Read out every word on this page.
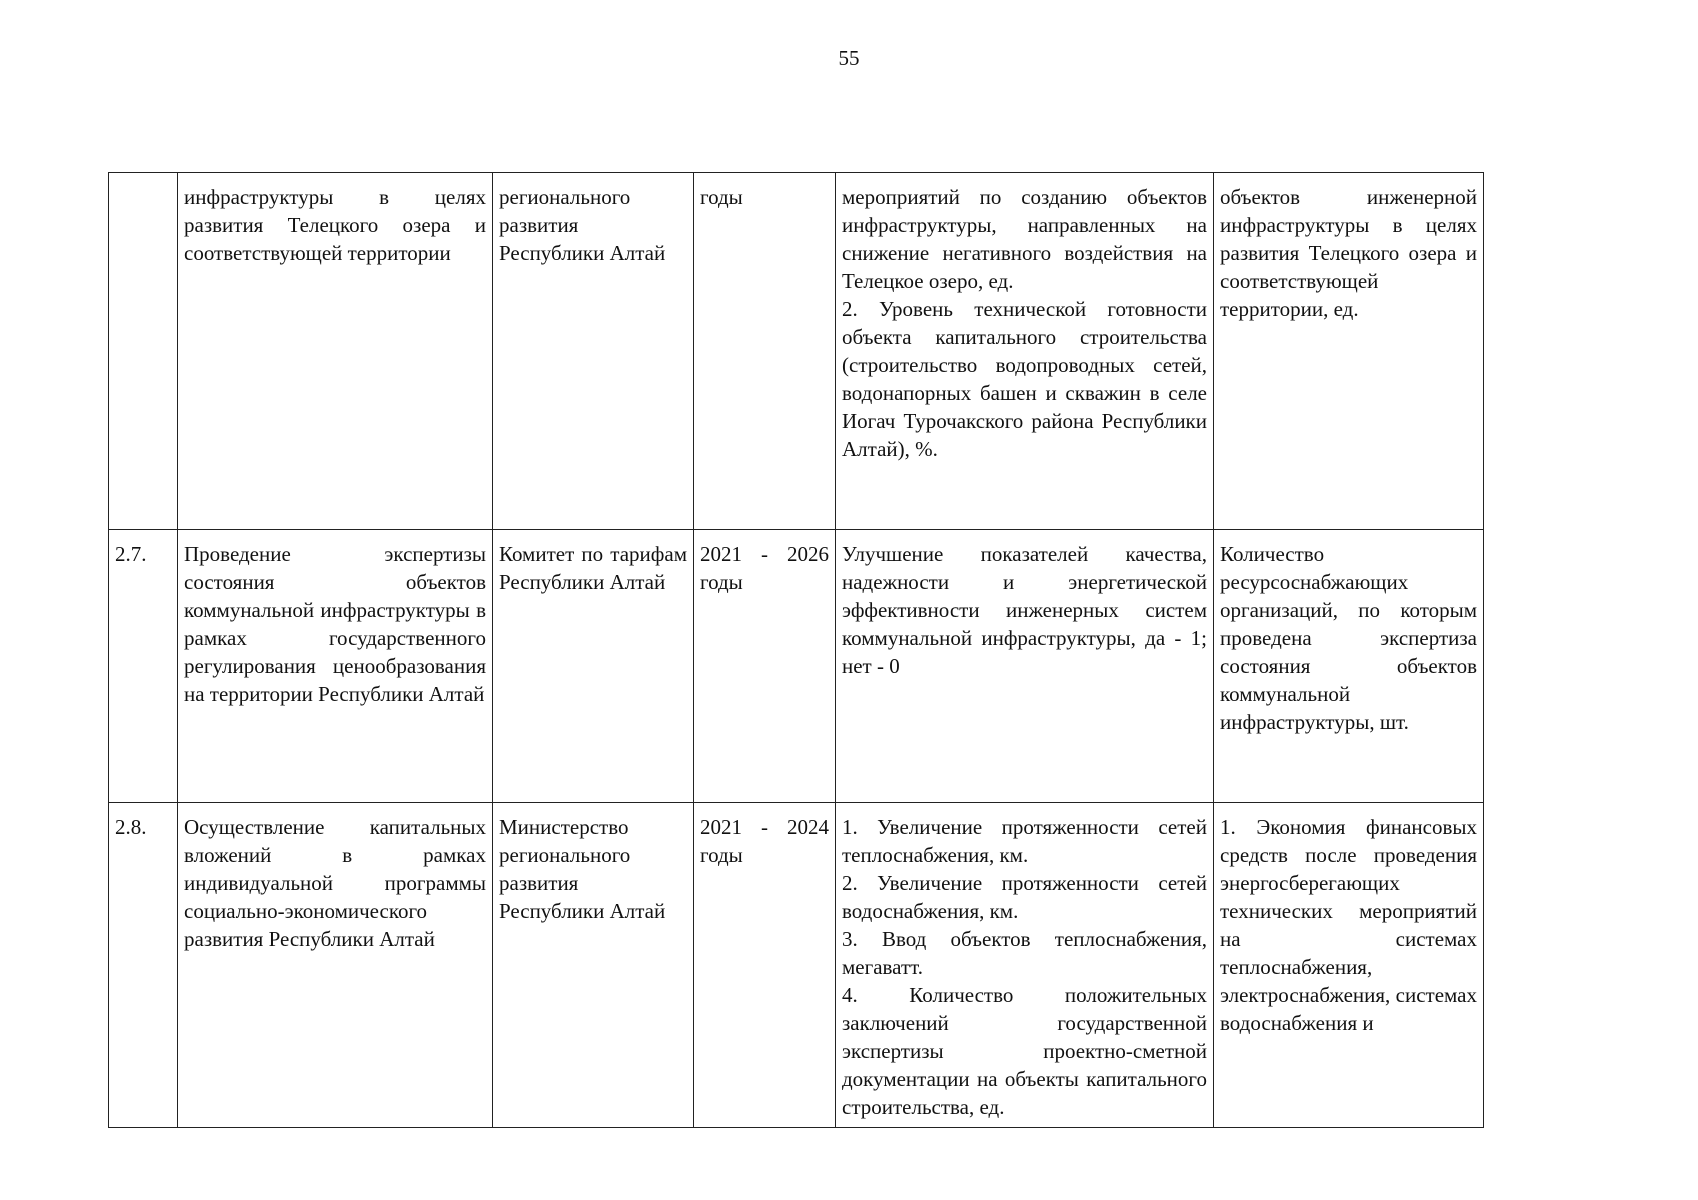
55
	инфраструктуры в целях развития Телецкого озера и соответствующей территории	регионального развития Республики Алтай	годы	мероприятий по созданию объектов инфраструктуры, направленных на снижение негативного воздействия на Телецкое озеро, ед.
2. Уровень технической готовности объекта капитального строительства (строительство водопроводных сетей, водонапорных башен и скважин в селе Иогач Турочакского района Республики Алтай), %.	объектов инженерной инфраструктуры в целях развития Телецкого озера и соответствующей территории, ед.
2.7.	Проведение экспертизы состояния объектов коммунальной инфраструктуры в рамках государственного регулирования ценообразования на территории Республики Алтай	Комитет по тарифам Республики Алтай	2021 - 2026 годы	Улучшение показателей качества, надежности и энергетической эффективности инженерных систем коммунальной инфраструктуры, да - 1; нет - 0	Количество ресурсоснабжающих организаций, по которым проведена экспертиза состояния объектов коммунальной инфраструктуры, шт.
2.8.	Осуществление капитальных вложений в рамках индивидуальной программы социально-экономического развития Республики Алтай	Министерство регионального развития Республики Алтай	2021 - 2024 годы	1. Увеличение протяженности сетей теплоснабжения, км.
2. Увеличение протяженности сетей водоснабжения, км.
3. Ввод объектов теплоснабжения, мегаватт.
4. Количество положительных заключений государственной экспертизы проектно-сметной документации на объекты капитального строительства, ед.	1. Экономия финансовых средств после проведения энергосберегающих технических мероприятий на системах теплоснабжения, электроснабжения, системах водоснабжения и
